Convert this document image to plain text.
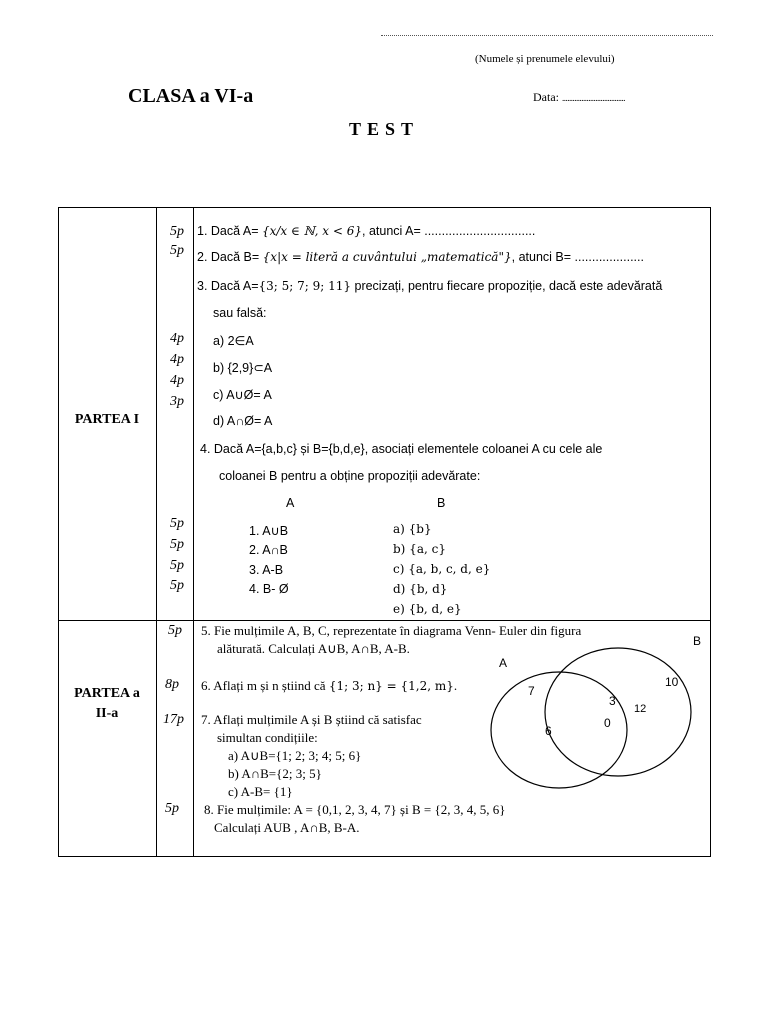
(Numele și prenumele elevului)
CLASA a VI-a	Data: ....................................
TEST
PARTEA I
5p
5p
4p
4p
4p
3p
5p
5p
5p
5p
1. Dacă A= {x/x ∈ ℕ, x < 6}, atunci A= ................................
2. Dacă B= {x|x = literă a cuvântului „matematică"}, atunci B= ....................
3. Dacă A={3; 5; 7; 9; 11} precizați, pentru fiecare propoziție, dacă este adevărată
sau falsă:
a) 2∈A
b) {2,9}⊂A
c) A∪Ø= A
d) A∩Ø= A
4. Dacă A={a,b,c} și B={b,d,e}, asociați elementele coloanei A cu cele ale
coloanei B pentru a obține propoziții adevărate:
A	B
1. A∪B
2. A∩B
3. A-B
4. B- Ø
a) {b}
b) {a, c}
c) {a, b, c, d, e}
d) {b, d}
e) {b, d, e}
PARTEA a
II-a
5p
8p
17p
5p
5. Fie mulțimile A, B, C, reprezentate în diagrama Venn- Euler din figura
alăturată. Calculați A∪B, A∩B, A-B.
6. Aflați m și n știind că {1; 3; n} = {1,2, m}.
7. Aflați mulțimile A și B știind că satisfac
simultan condițiile:
a) A∪B={1; 2; 3; 4; 5; 6}
b) A∩B={2; 3; 5}
c) A-B= {1}
8. Fie mulțimile: A = {0,1, 2, 3, 4, 7} și B = {2, 3, 4, 5, 6}
Calculați AUB , A∩B, B-A.
A
B
7
6
3
0
12
10
